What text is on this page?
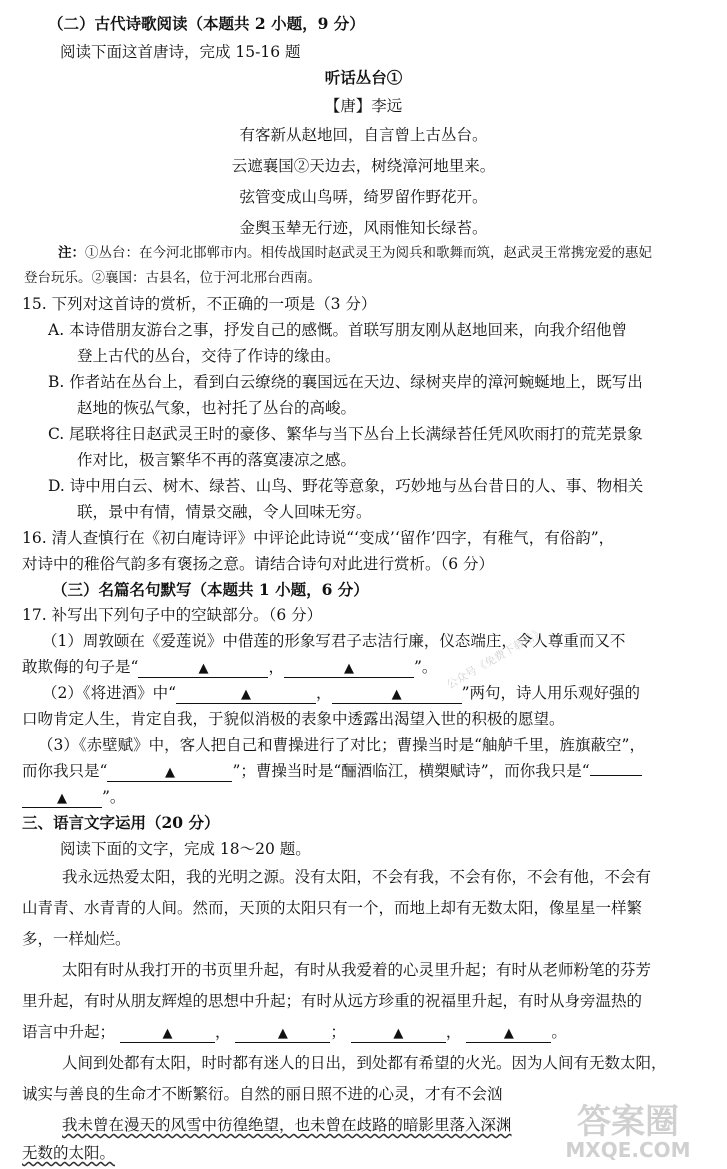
（二）古代诗歌阅读（本题共 2 小题，9 分）
阅读下面这首唐诗，完成 15-16 题
听话丛台①
【唐】李远
有客新从赵地回，自言曾上古丛台。
云遮襄国②天边去，树绕漳河地里来。
弦管变成山鸟哢，绮罗留作野花开。
金舆玉辇无行迹，风雨惟知长绿苔。
注：①丛台：在今河北邯郸市内。相传战国时赵武灵王为阅兵和歌舞而筑，赵武灵王常携宠爱的惠妃
登台玩乐。②襄国：古县名，位于河北邢台西南。
15. 下列对这首诗的赏析，不正确的一项是（3 分）
A. 本诗借朋友游台之事，抒发自己的感慨。首联写朋友刚从赵地回来，向我介绍他曾
登上古代的丛台，交待了作诗的缘由。
B. 作者站在丛台上，看到白云缭绕的襄国远在天边、绿树夹岸的漳河蜿蜒地上，既写出
赵地的恢弘气象，也衬托了丛台的高峻。
C. 尾联将往日赵武灵王时的豪侈、繁华与当下丛台上长满绿苔任凭风吹雨打的荒芜景象
作对比，极言繁华不再的落寞凄凉之感。
D. 诗中用白云、树木、绿苔、山鸟、野花等意象，巧妙地与丛台昔日的人、事、物相关
联，景中有情，情景交融，令人回味无穷。
16. 清人查慎行在《初白庵诗评》中评论此诗说“‘变成’‘留作’四字，有稚气，有俗韵”，
对诗中的稚俗气韵多有褒扬之意。请结合诗句对此进行赏析。（6 分）
（三）名篇名句默写（本题共 1 小题，6 分）
17. 补写出下列句子中的空缺部分。（6 分）
（1）周敦颐在《爱莲说》中借莲的形象写君子志洁行廉，仪态端庄，令人尊重而又不
敢欺侮的句子是“	▲	，	▲	”。
（2）《将进酒》中“	▲	，	▲	”两句，诗人用乐观好强的
口吻肯定人生，肯定自我，于貌似消极的表象中透露出渴望入世的积极的愿望。
（3）《赤壁赋》中，客人把自己和曹操进行了对比；曹操当时是“舳舻千里，旌旗蔽空”，
而你我只是“	▲	”；曹操当时是“酾酒临江，横槊赋诗”，而你我只是“
▲ ”。
三、语言文字运用（20 分）
阅读下面的文字，完成 18～20 题。
我永远热爱太阳，我的光明之源。没有太阳，不会有我，不会有你，不会有他，不会有
山青青、水青青的人间。然而，天顶的太阳只有一个，而地上却有无数太阳，像星星一样繁
多，一样灿烂。
太阳有时从我打开的书页里升起，有时从我爱着的心灵里升起；有时从老师粉笔的芬芳
里升起，有时从朋友辉煌的思想中升起；有时从远方珍重的祝福里升起，有时从身旁温热的
语言中升起；	▲	，	▲	；	▲	，	▲ 。
人间到处都有太阳，时时都有迷人的日出，到处都有希望的火光。因为人间有无数太阳，
诚实与善良的生命才不断繁衍。自然的丽日照不进的心灵，才有不会汹
我未曾在漫天的风雪中彷徨绝望，也未曾在歧路的暗影里落入深渊
无数的太阳。
公众号《免费下载站》
答案圈
MXQE.COM
